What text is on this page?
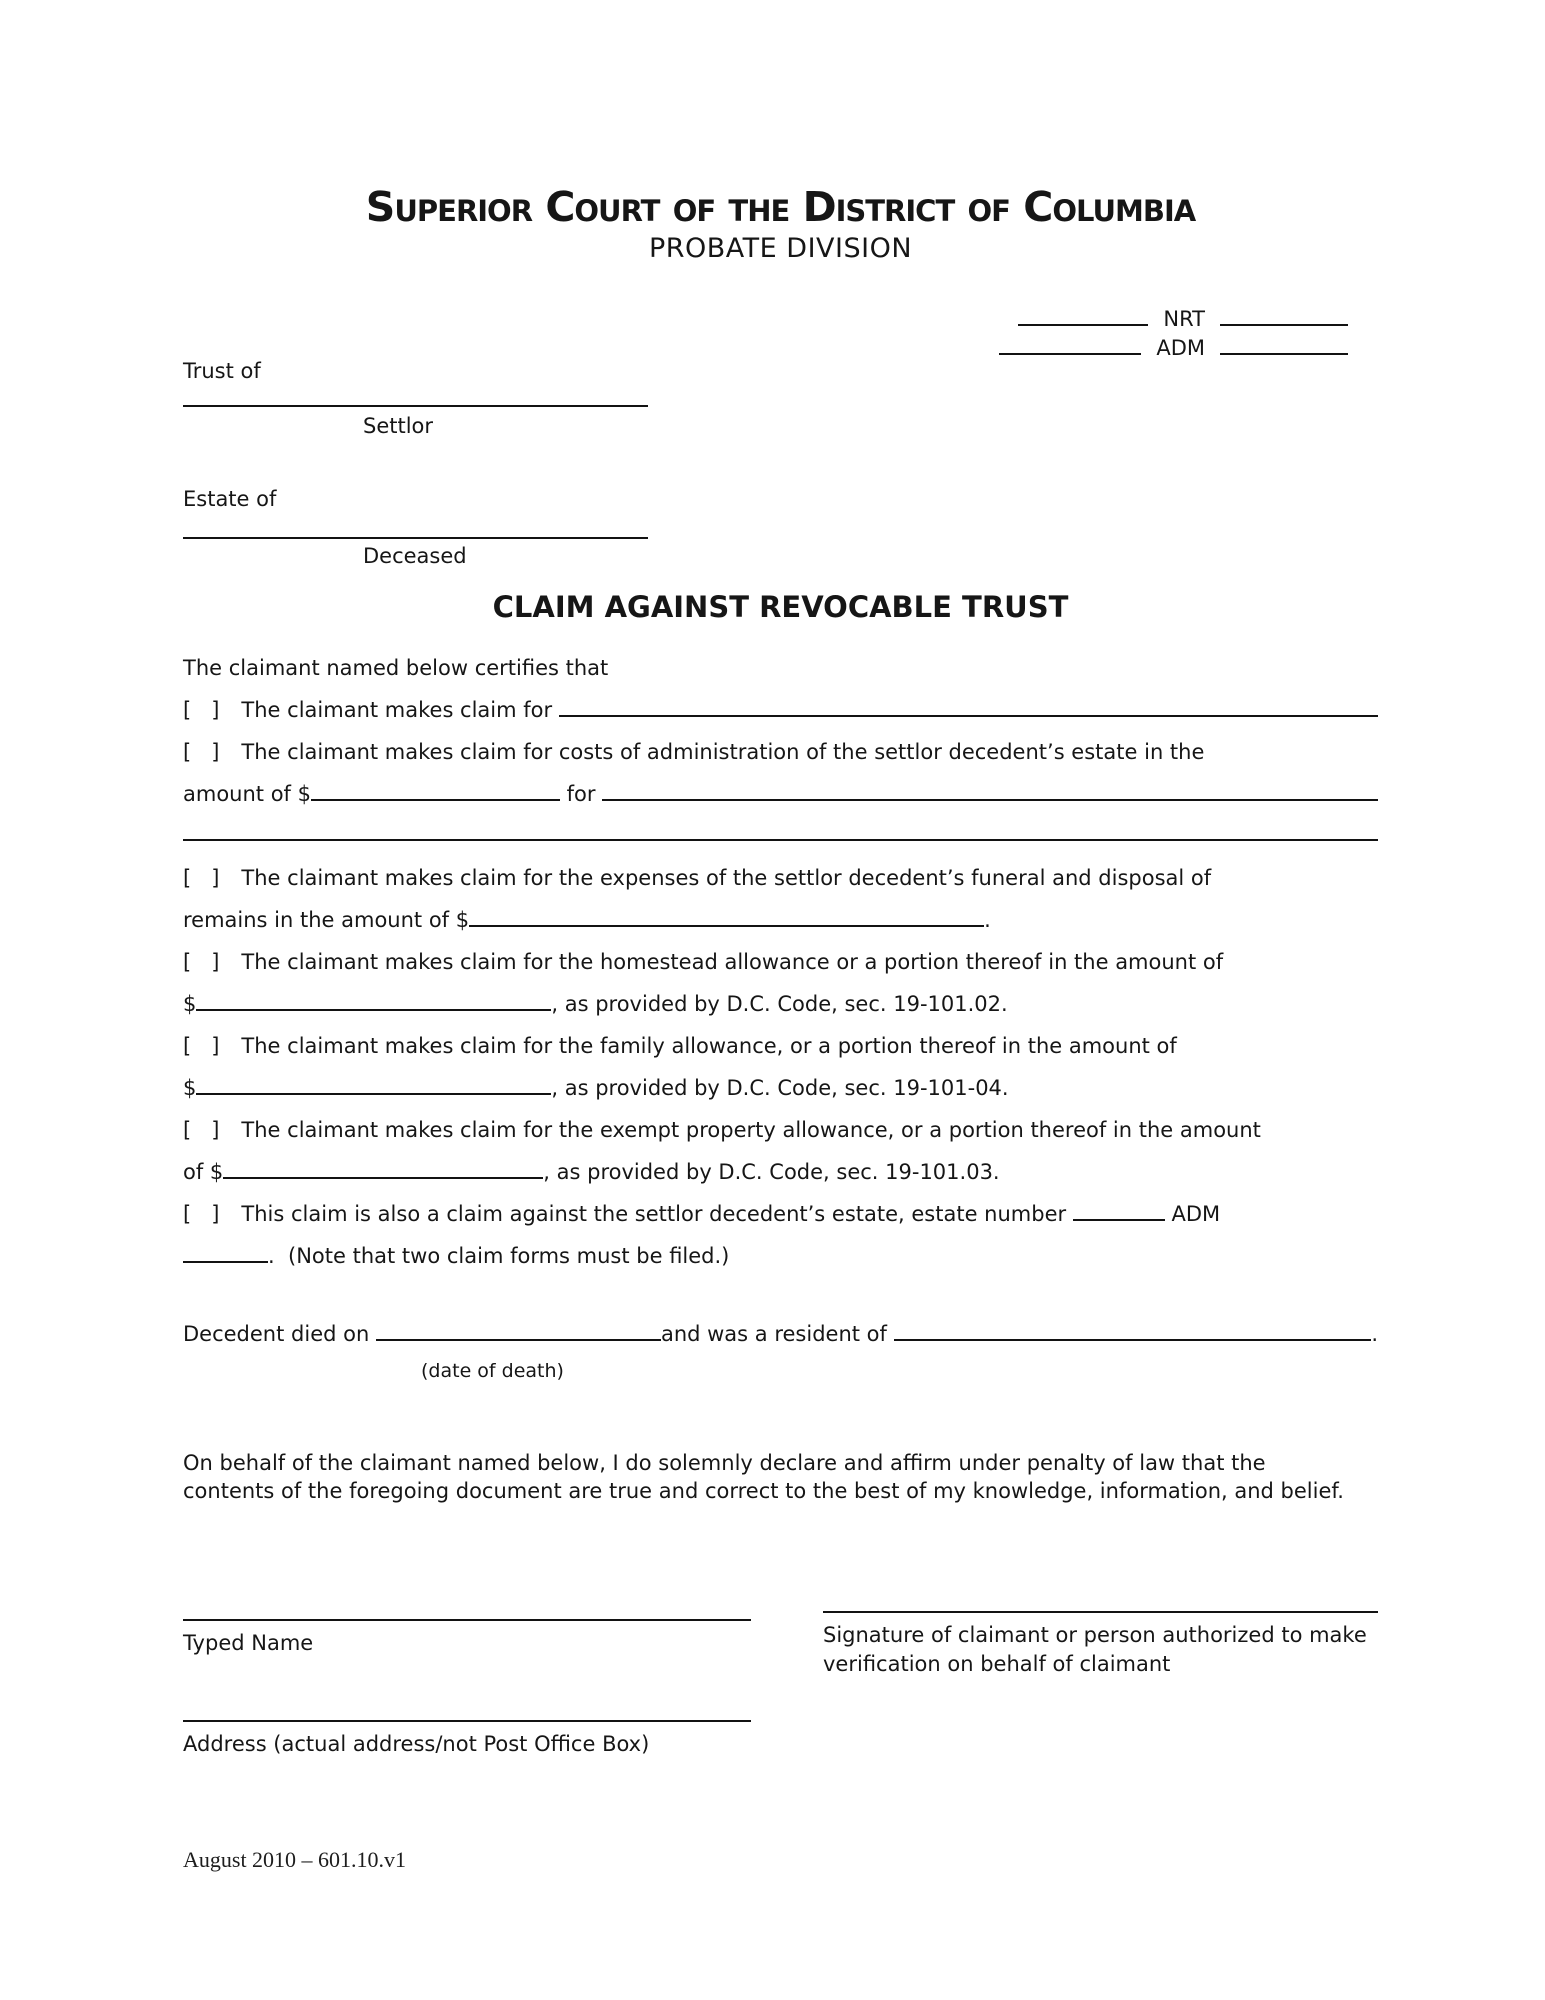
Superior Court of the District of Columbia
PROBATE DIVISION
NRT
ADM
Trust of
Settlor
Estate of
Deceased
CLAIM AGAINST REVOCABLE TRUST
The claimant named below certifies that
[   ] The claimant makes claim for
[   ] The claimant makes claim for costs of administration of the settlor decedent’s estate in the
amount of $	for
[   ] The claimant makes claim for the expenses of the settlor decedent’s funeral and disposal of
remains in the amount of $	.
[   ] The claimant makes claim for the homestead allowance or a portion thereof in the amount of
$	, as provided by D.C. Code, sec. 19-101.02.
[   ] The claimant makes claim for the family allowance, or a portion thereof in the amount of
$	, as provided by D.C. Code, sec. 19-101-04.
[   ] The claimant makes claim for the exempt property allowance, or a portion thereof in the amount
of $	, as provided by D.C. Code, sec. 19-101.03.
[   ] This claim is also a claim against the settlor decedent’s estate, estate number	ADM
.  (Note that two claim forms must be filed.)
Decedent died on	and was a resident of	.
(date of death)
On behalf of the claimant named below, I do solemnly declare and affirm under penalty of law that the contents of the foregoing document are true and correct to the best of my knowledge, information, and belief.
Typed Name
Address (actual address/not Post Office Box)
Signature of claimant or person authorized to make verification on behalf of claimant
August 2010 – 601.10.v1
